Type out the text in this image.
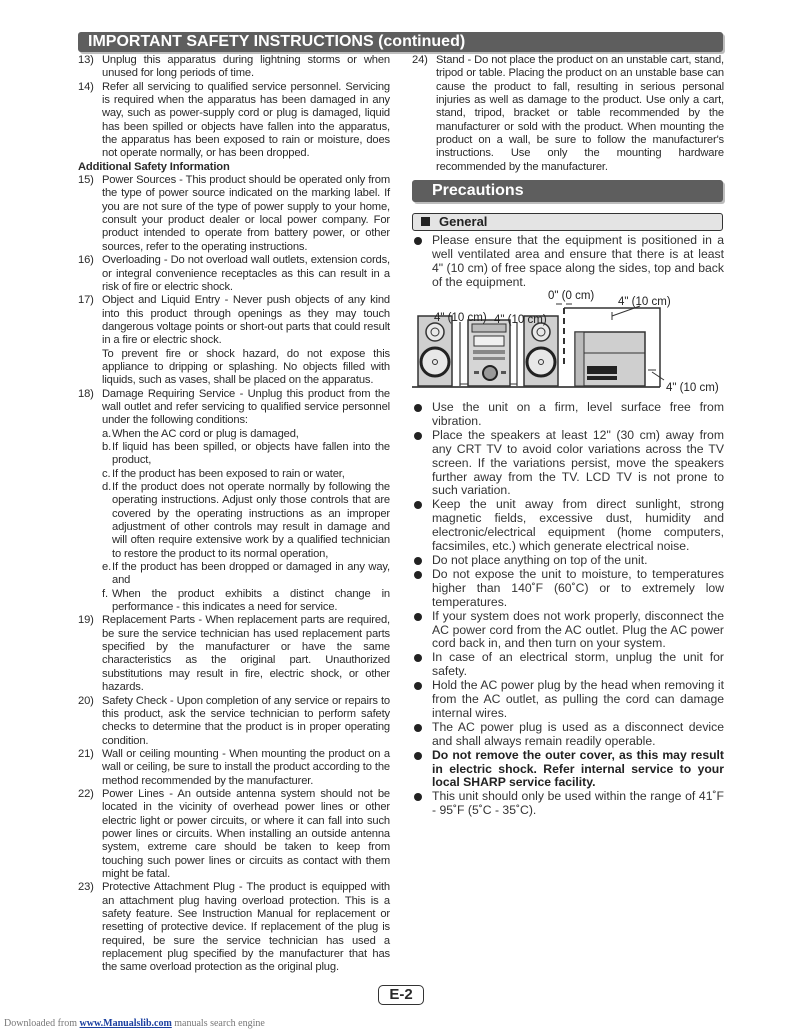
IMPORTANT SAFETY INSTRUCTIONS (continued)
13) Unplug this apparatus during lightning storms or when unused for long periods of time.
14) Refer all servicing to qualified service personnel. Servicing is required when the apparatus has been damaged in any way, such as power-supply cord or plug is damaged, liquid has been spilled or objects have fallen into the apparatus, the apparatus has been exposed to rain or moisture, does not operate normally, or has been dropped.
Additional Safety Information
15) Power Sources - This product should be operated only from the type of power source indicated on the marking label. If you are not sure of the type of power supply to your home, consult your product dealer or local power company. For product intended to operate from battery power, or other sources, refer to the operating instructions.
16) Overloading - Do not overload wall outlets, extension cords, or integral convenience receptacles as this can result in a risk of fire or electric shock.
17) Object and Liquid Entry - Never push objects of any kind into this product through openings as they may touch dangerous voltage points or short-out parts that could result in a fire or electric shock.
To prevent fire or shock hazard, do not expose this appliance to dripping or splashing. No objects filled with liquids, such as vases, shall be placed on the apparatus.
18) Damage Requiring Service - Unplug this product from the wall outlet and refer servicing to qualified service personnel under the following conditions:
a. When the AC cord or plug is damaged,
b. If liquid has been spilled, or objects have fallen into the product,
c. If the product has been exposed to rain or water,
d. If the product does not operate normally by following the operating instructions. Adjust only those controls that are covered by the operating instructions as an improper adjustment of other controls may result in damage and will often require extensive work by a qualified technician to restore the product to its normal operation,
e. If the product has been dropped or damaged in any way, and
f. When the product exhibits a distinct change in performance - this indicates a need for service.
19) Replacement Parts - When replacement parts are required, be sure the service technician has used replacement parts specified by the manufacturer or have the same characteristics as the original part. Unauthorized substitutions may result in fire, electric shock, or other hazards.
20) Safety Check - Upon completion of any service or repairs to this product, ask the service technician to perform safety checks to determine that the product is in proper operating condition.
21) Wall or ceiling mounting - When mounting the product on a wall or ceiling, be sure to install the product according to the method recommended by the manufacturer.
22) Power Lines - An outside antenna system should not be located in the vicinity of overhead power lines or other electric light or power circuits, or where it can fall into such power lines or circuits. When installing an outside antenna system, extreme care should be taken to keep from touching such power lines or circuits as contact with them might be fatal.
23) Protective Attachment Plug - The product is equipped with an attachment plug having overload protection. This is a safety feature. See Instruction Manual for replacement or resetting of protective device. If replacement of the plug is required, be sure the service technician has used a replacement plug specified by the manufacturer that has the same overload protection as the original plug.
24) Stand - Do not place the product on an unstable cart, stand, tripod or table. Placing the product on an unstable base can cause the product to fall, resulting in serious personal injuries as well as damage to the product. Use only a cart, stand, tripod, bracket or table recommended by the manufacturer or sold with the product. When mounting the product on a wall, be sure to follow the manufacturer's instructions. Use only the mounting hardware recommended by the manufacturer.
Precautions
General
Please ensure that the equipment is positioned in a well ventilated area and ensure that there is at least 4" (10 cm) of free space along the sides, top and back of the equipment.
4" (10 cm) 4" (10 cm)
0" (0 cm) 4" (10 cm)
4" (10 cm)
Use the unit on a firm, level surface free from vibration.
Place the speakers at least 12" (30 cm) away from any CRT TV to avoid color variations across the TV screen. If the variations persist, move the speakers further away from the TV. LCD TV is not prone to such variation.
Keep the unit away from direct sunlight, strong magnetic fields, excessive dust, humidity and electronic/electrical equipment (home computers, facsimiles, etc.) which generate electrical noise.
Do not place anything on top of the unit.
Do not expose the unit to moisture, to temperatures higher than 140˚F (60˚C) or to extremely low temperatures.
If your system does not work properly, disconnect the AC power cord from the AC outlet. Plug the AC power cord back in, and then turn on your system.
In case of an electrical storm, unplug the unit for safety.
Hold the AC power plug by the head when removing it from the AC outlet, as pulling the cord can damage internal wires.
The AC power plug is used as a disconnect device and shall always remain readily operable.
Do not remove the outer cover, as this may result in electric shock. Refer internal service to your local SHARP service facility.
This unit should only be used within the range of 41˚F - 95˚F (5˚C - 35˚C).
E-2
Downloaded from www.Manualslib.com manuals search engine
